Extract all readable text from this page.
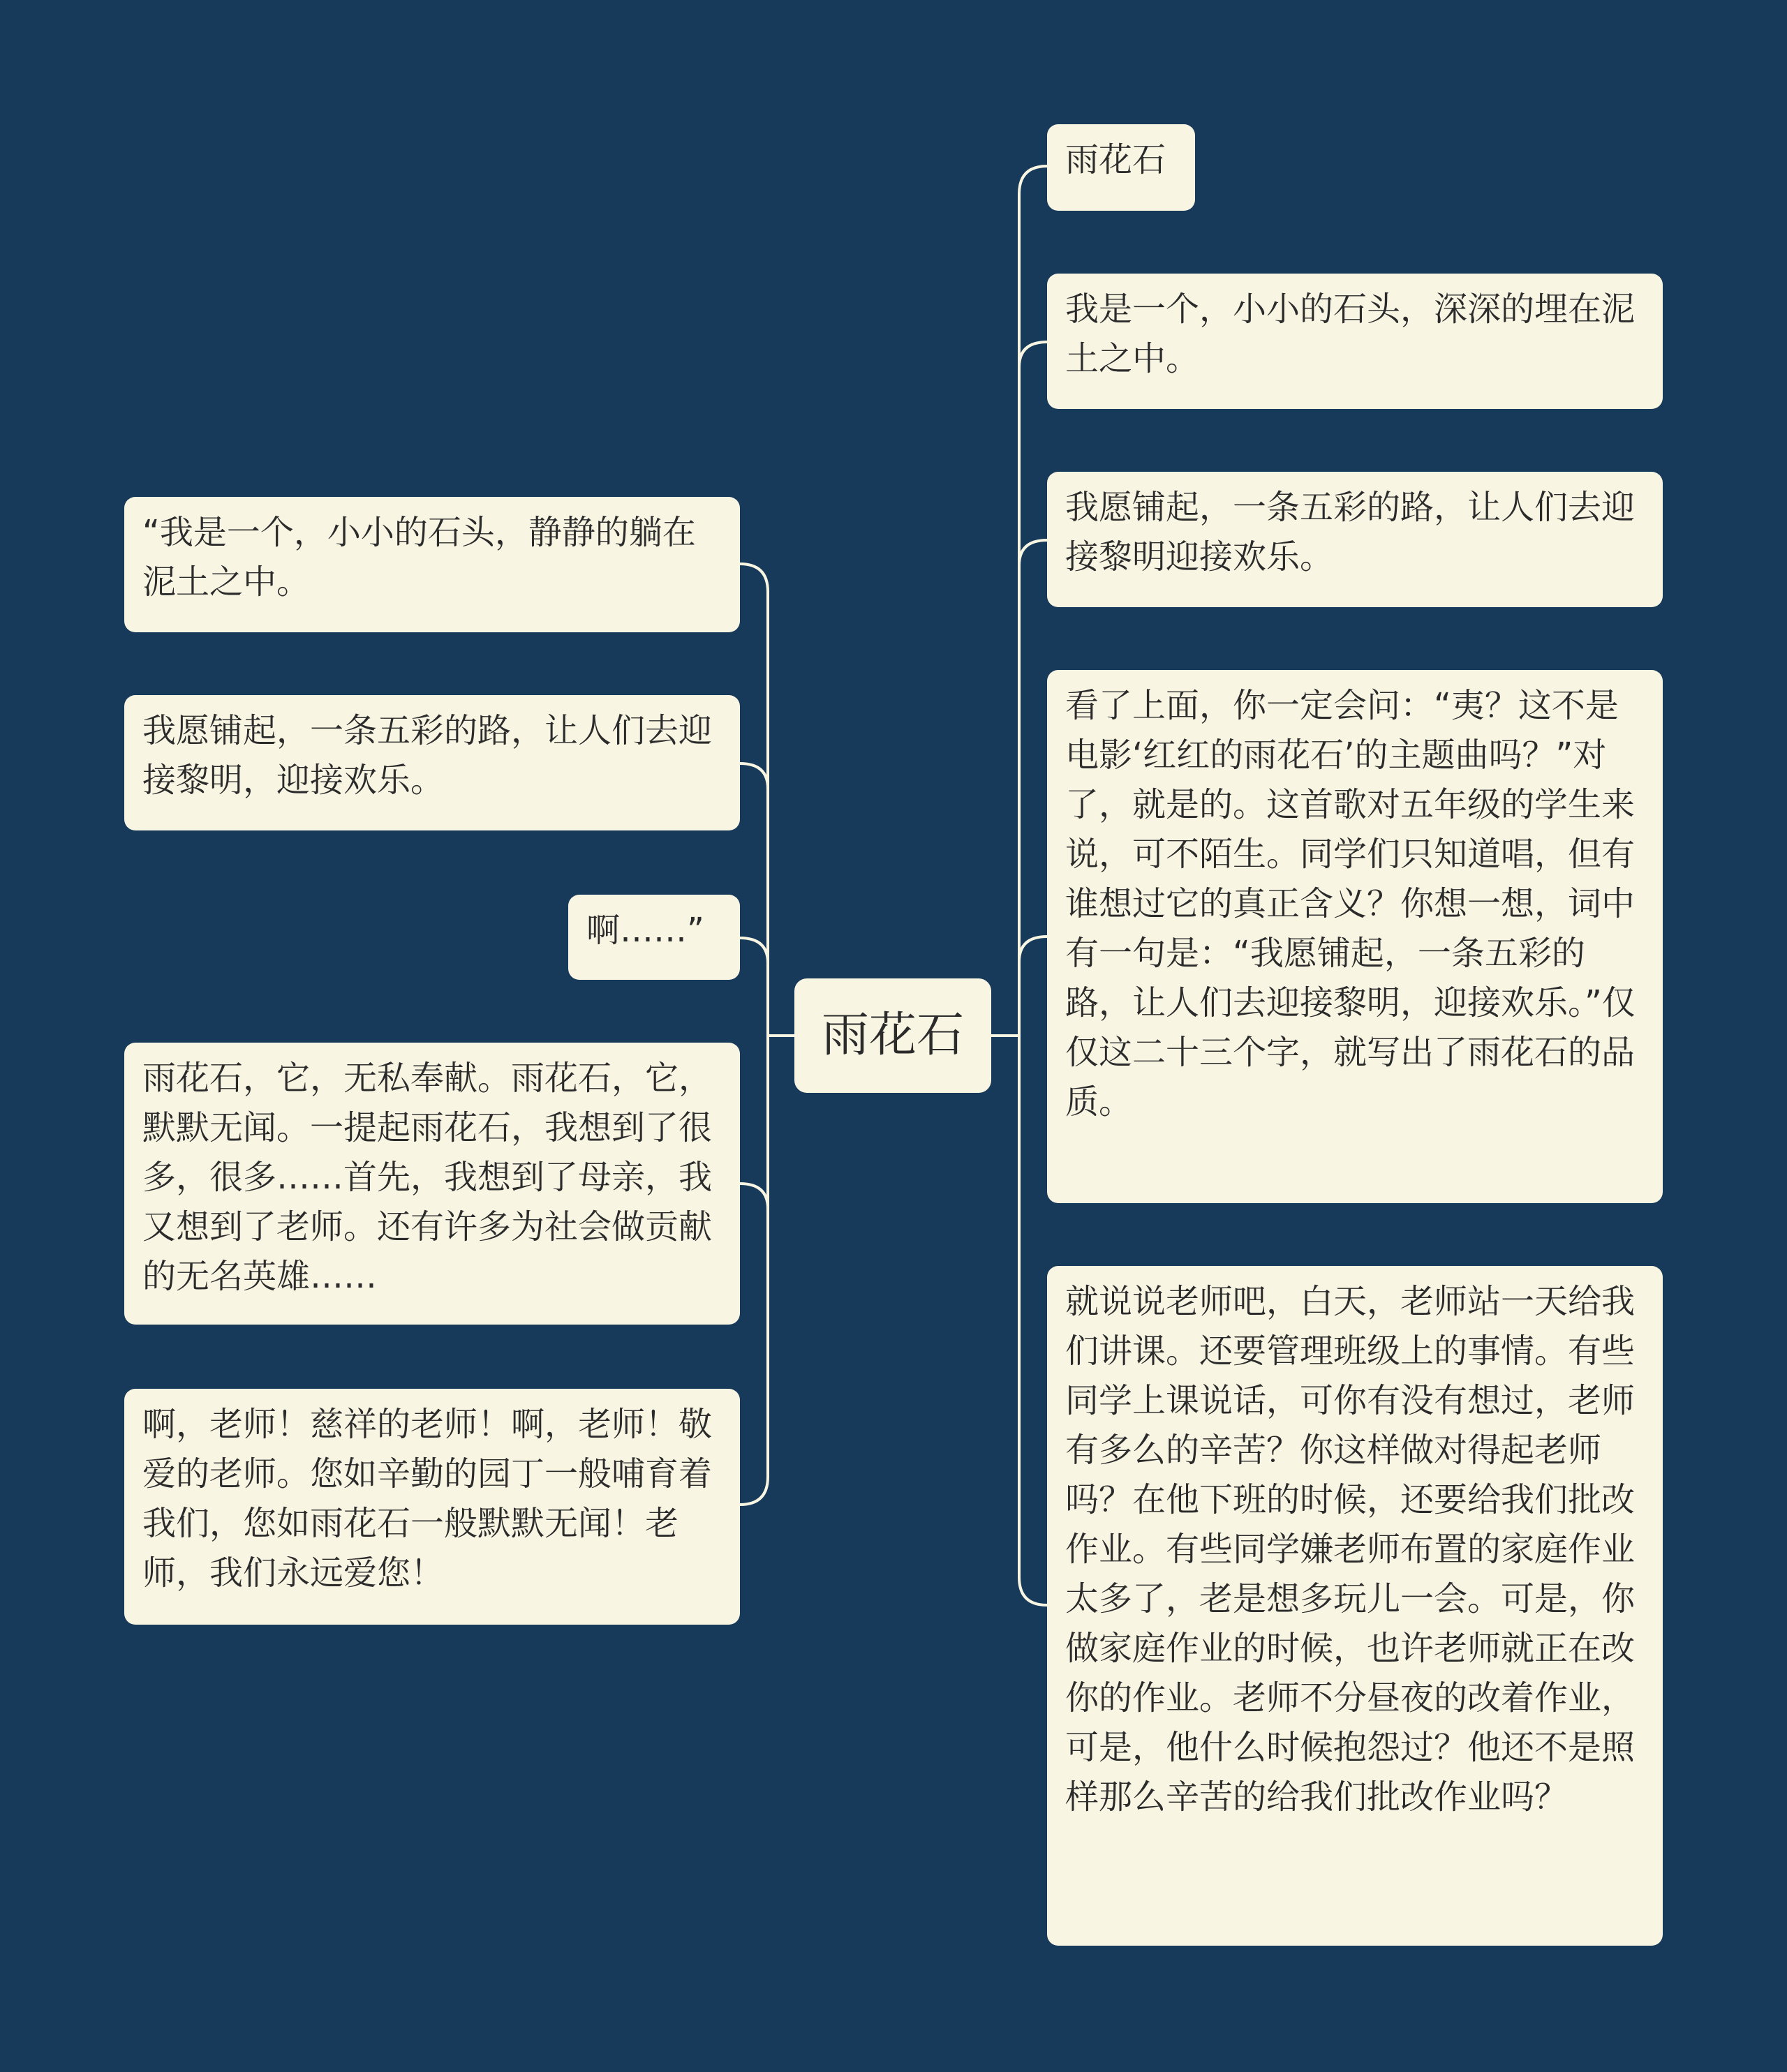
雨花石
“我是一个，小小的石头，静静的躺在泥土之中。
我愿铺起，一条五彩的路，让人们去迎接黎明，迎接欢乐。
啊……”
雨花石，它，无私奉献。雨花石，它，默默无闻。一提起雨花石，我想到了很多，很多……首先，我想到了母亲，我又想到了老师。还有许多为社会做贡献的无名英雄……
啊，老师！慈祥的老师！啊，老师！敬爱的老师。您如辛勤的园丁一般哺育着我们，您如雨花石一般默默无闻！老师，我们永远爱您！
雨花石
我是一个，小小的石头，深深的埋在泥土之中。
我愿铺起，一条五彩的路，让人们去迎接黎明迎接欢乐。
看了上面，你一定会问：“夷？这不是电影‘红红的雨花石’的主题曲吗？”对了，就是的。这首歌对五年级的学生来说，可不陌生。同学们只知道唱，但有谁想过它的真正含义？你想一想，词中有一句是：“我愿铺起，一条五彩的路，让人们去迎接黎明，迎接欢乐。”仅仅这二十三个字，就写出了雨花石的品质。
就说说老师吧，白天，老师站一天给我们讲课。还要管理班级上的事情。有些同学上课说话，可你有没有想过，老师有多么的辛苦？你这样做对得起老师吗？在他下班的时候，还要给我们批改作业。有些同学嫌老师布置的家庭作业太多了，老是想多玩儿一会。可是，你做家庭作业的时候，也许老师就正在改你的作业。老师不分昼夜的改着作业，可是，他什么时候抱怨过？他还不是照样那么辛苦的给我们批改作业吗？
